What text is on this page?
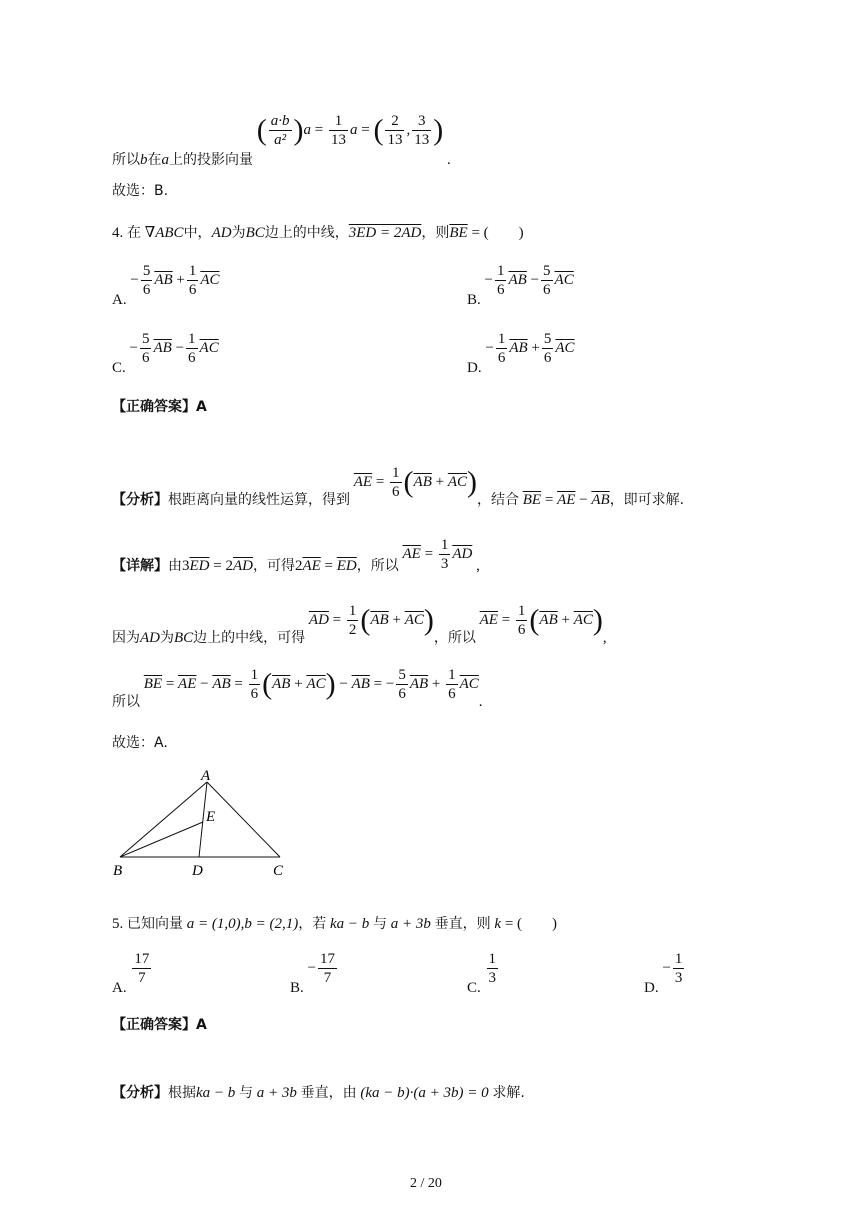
所以b在a上的投影向量 ( $\frac{a\cdot b}{\text{a²}} )a = \frac{1}{13}$ a = ( $\frac{2}{13}$ , $\frac{3}{13}$ ) .
故选：B.
4. 在 ∇ABC中，AD为BC边上的中线，3ED = 2AD，则$\overline{BE}$ = (　　)
A. − $\frac{5}{6} \overline{AB} + \frac{1}{6} \overline{AC}$
B. − $\frac{1}{6} \overline{AB} - \frac{5}{6} \overline{AC}$
C. − $\frac{5}{6} \overline{AB} - \frac{1}{6} \overline{AC}$
D. − $\frac{1}{6} \overline{AB} + \frac{5}{6} \overline{AC}$
【正确答案】A
【分析】根距离向量的线性运算，得到 $\overline{AE} = \frac{1}{6} (\overline{AB} + \overline{AC})$，结合 $\overline{BE} = \overline{AE} - \overline{AB}$，即可求解.
【详解】由$3\overline{ED} = 2\overline{AD}$，可得$2\overline{AE} = \overline{ED}$，所以 $\overline{AE} = \frac{1}{3} \overline{AD}$ ,
因为AD为BC边上的中线，可得 $\overline{AD} = \frac{1}{2} (\overline{AB} + \overline{AC})$，所以 $\overline{AE} = \frac{1}{6} (\overline{AB} + \overline{AC})$,
所以 $\overline{BE} = \overline{AE} - \overline{AB} = \frac{1}{6} (\overline{AB} + \overline{AC}) - \overline{AB}$ = − $\frac{5}{6} \overline{AB} + \frac{1}{6} \overline{AC}$.
故选：A.
A
E
B	D	C
5. 已知向量 a = (1,0),b = (2,1)，若 ka − b 与 a + 3b 垂直，则 k = (　　)
A.
$\frac{17}{7}$
B. − $\frac{17}{7}$
C.
$\frac{1}{3}$
D. − $\frac{1}{3}$
【正确答案】A
【分析】根据ka − b 与 a + 3b 垂直，由 (ka − b)·(a + 3b) = 0 求解.
2 / 20
